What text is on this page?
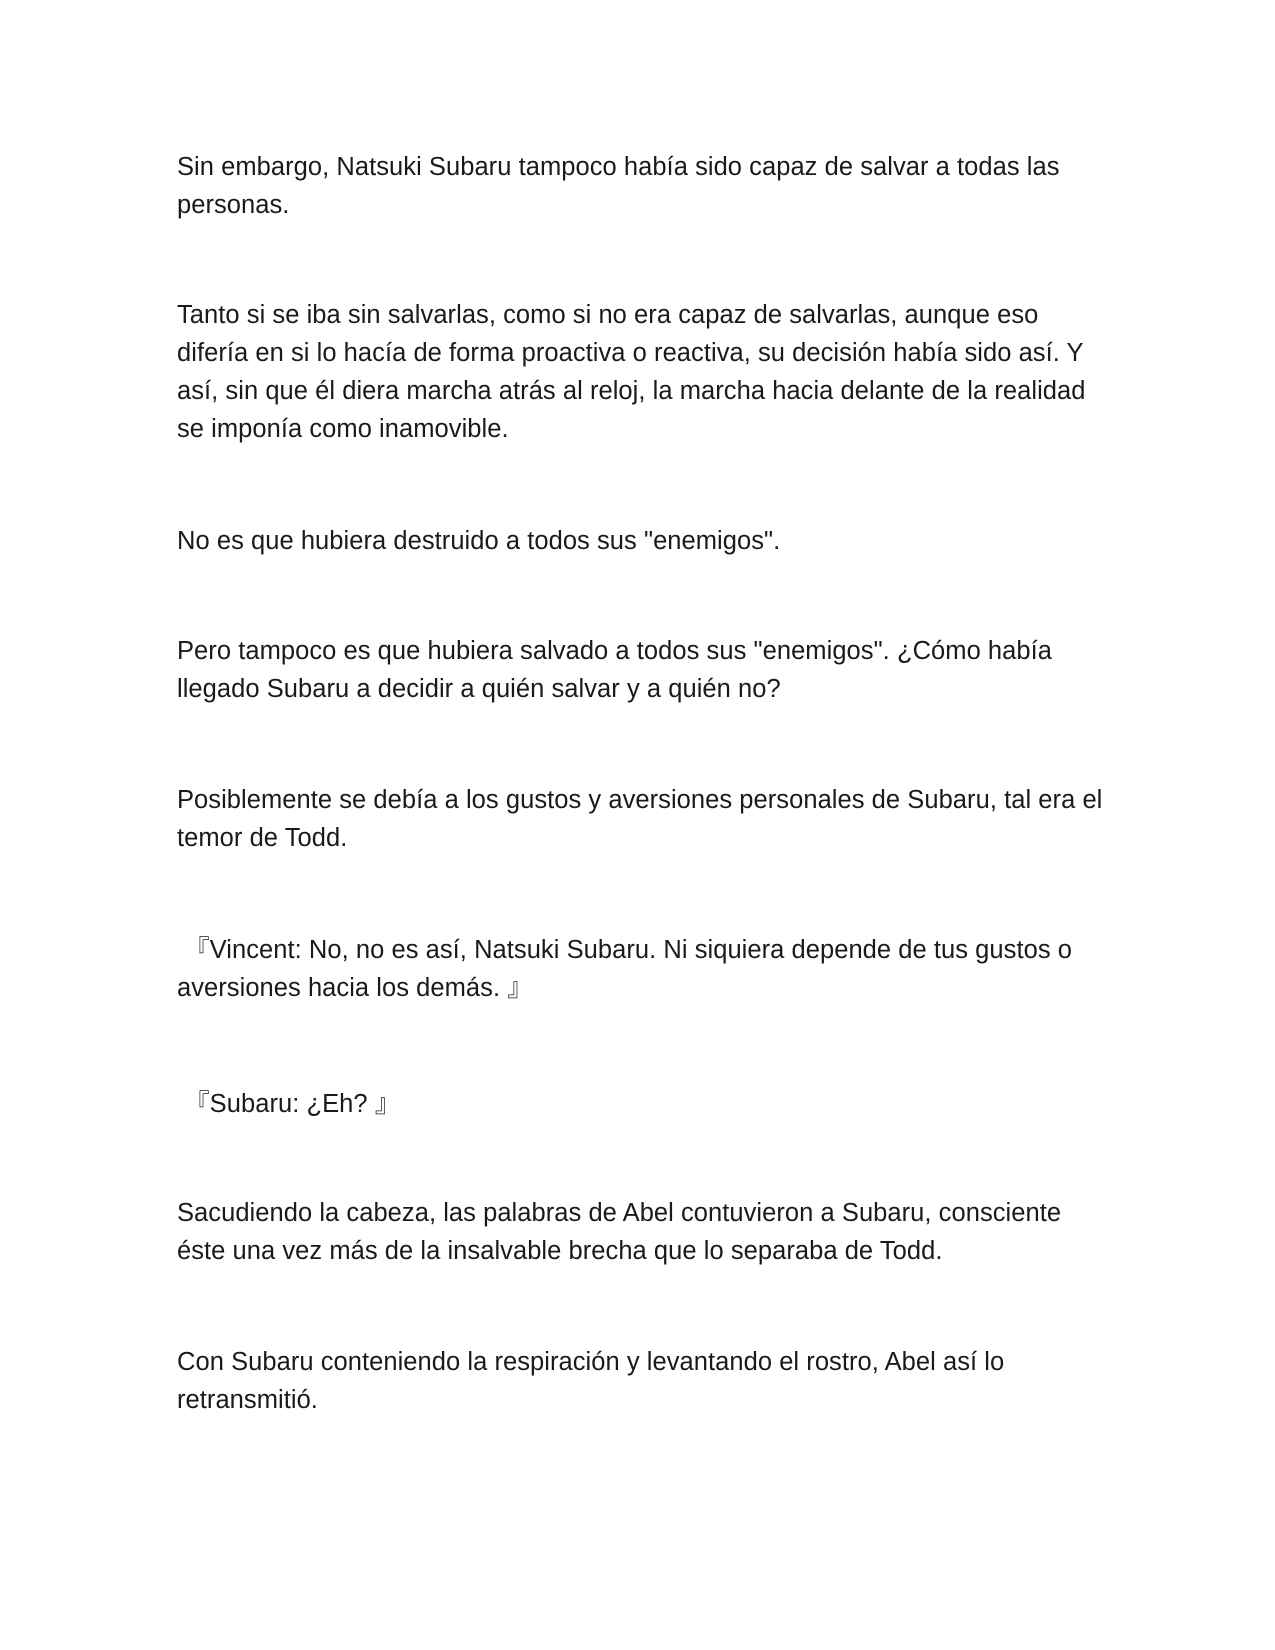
Sin embargo, Natsuki Subaru tampoco había sido capaz de salvar a todas las personas.

Tanto si se iba sin salvarlas, como si no era capaz de salvarlas, aunque eso difería en si lo hacía de forma proactiva o reactiva, su decisión había sido así. Y así, sin que él diera marcha atrás al reloj, la marcha hacia delante de la realidad se imponía como inamovible.

No es que hubiera destruido a todos sus "enemigos".

Pero tampoco es que hubiera salvado a todos sus "enemigos". ¿Cómo había llegado Subaru a decidir a quién salvar y a quién no?

Posiblemente se debía a los gustos y aversiones personales de Subaru, tal era el temor de Todd.

『Vincent: No, no es así, Natsuki Subaru. Ni siquiera depende de tus gustos o aversiones hacia los demás. 』

『Subaru: ¿Eh? 』

Sacudiendo la cabeza, las palabras de Abel contuvieron a Subaru, consciente éste una vez más de la insalvable brecha que lo separaba de Todd.

Con Subaru conteniendo la respiración y levantando el rostro, Abel así lo retransmitió.
